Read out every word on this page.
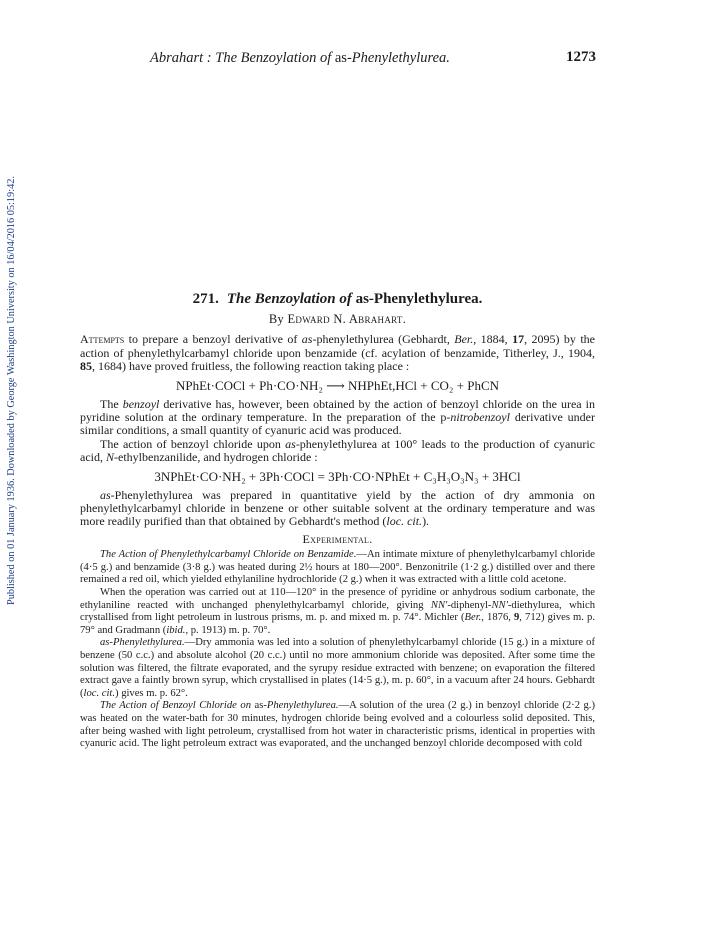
Published on 01 January 1936. Downloaded by George Washington University on 16/04/2016 05:19:42.
Abrahart : The Benzoylation of as-Phenylethylurea.	1273
271. The Benzoylation of as-Phenylethylurea.
By Edward N. Abrahart.

Attempts to prepare a benzoyl derivative of as-phenylethylurea (Gebhardt, Ber., 1884, 17, 2095) by the action of phenylethylcarbamyl chloride upon benzamide (cf. acylation of benzamide, Titherley, J., 1904, 85, 1684) have proved fruitless, the following reaction taking place :

NPhEt·COCl + Ph·CO·NH₂ ⟶ NHPhEt,HCl + CO₂ + PhCN

The benzoyl derivative has, however, been obtained by the action of benzoyl chloride on the urea in pyridine solution at the ordinary temperature. In the preparation of the p-nitrobenzoyl derivative under similar conditions, a small quantity of cyanuric acid was produced.

The action of benzoyl chloride upon as-phenylethylurea at 100° leads to the production of cyanuric acid, N-ethylbenzanilide, and hydrogen chloride :

3NPhEt·CO·NH₂ + 3Ph·COCl = 3Ph·CO·NPhEt + C₃H₃O₃N₃ + 3HCl

as-Phenylethylurea was prepared in quantitative yield by the action of dry ammonia on phenylethylcarbamyl chloride in benzene or other suitable solvent at the ordinary temperature and was more readily purified than that obtained by Gebhardt's method (loc. cit.).

Experimental.

The Action of Phenylethylcarbamyl Chloride on Benzamide.—An intimate mixture of phenylethylcarbamyl chloride (4·5 g.) and benzamide (3·8 g.) was heated during 2½ hours at 180—200°. Benzonitrile (1·2 g.) distilled over and there remained a red oil, which yielded ethylaniline hydrochloride (2 g.) when it was extracted with a little cold acetone.

When the operation was carried out at 110—120° in the presence of pyridine or anhydrous sodium carbonate, the ethylaniline reacted with unchanged phenylethylcarbamyl chloride, giving NN'-diphenyl-NN'-diethylurea, which crystallised from light petroleum in lustrous prisms, m. p. and mixed m. p. 74°. Michler (Ber., 1876, 9, 712) gives m. p. 79° and Gradmann (ibid., p. 1913) m. p. 70°.

as-Phenylethylurea.—Dry ammonia was led into a solution of phenylethylcarbamyl chloride (15 g.) in a mixture of benzene (50 c.c.) and absolute alcohol (20 c.c.) until no more ammonium chloride was deposited. After some time the solution was filtered, the filtrate evaporated, and the syrupy residue extracted with benzene; on evaporation the filtered extract gave a faintly brown syrup, which crystallised in plates (14·5 g.), m. p. 60°, in a vacuum after 24 hours. Gebhardt (loc. cit.) gives m. p. 62°.

The Action of Benzoyl Chloride on as-Phenylethylurea.—A solution of the urea (2 g.) in benzoyl chloride (2·2 g.) was heated on the water-bath for 30 minutes, hydrogen chloride being evolved and a colourless solid deposited. This, after being washed with light petroleum, crystallised from hot water in characteristic prisms, identical in properties with cyanuric acid. The light petroleum extract was evaporated, and the unchanged benzoyl chloride decomposed with cold
